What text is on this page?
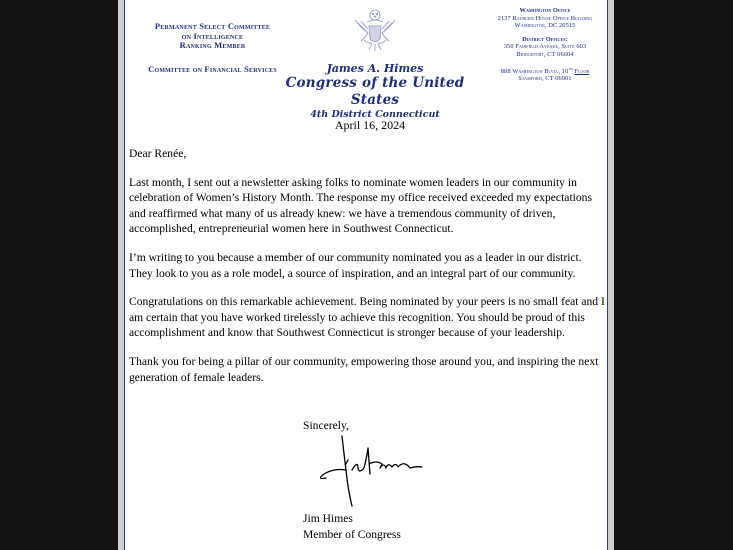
Permanent Select Committee
on Intelligence
Ranking Member
Committee on Financial Services	James A. Himes
Congress of the United States
4th District Connecticut
Washington Office
2137 Rayburn House Office Building
Washington, DC 20515
District Offices:
350 Fairfield Avenue, Suite 603
Bridgeport, CT 06604
888 Washington Blvd., 10th Floor
Stamford, CT 06901
April 16, 2024

Dear Renée,

Last month, I sent out a newsletter asking folks to nominate women leaders in our community in celebration of Women’s History Month. The response my office received exceeded my expectations and reaffirmed what many of us already knew: we have a tremendous community of driven, accomplished, entrepreneurial women here in Southwest Connecticut.

I’m writing to you because a member of our community nominated you as a leader in our district. They look to you as a role model, a source of inspiration, and an integral part of our community.

Congratulations on this remarkable achievement. Being nominated by your peers is no small feat and I am certain that you have worked tirelessly to achieve this recognition. You should be proud of this accomplishment and know that Southwest Connecticut is stronger because of your leadership.

Thank you for being a pillar of our community, empowering those around you, and inspiring the next generation of female leaders.

Sincerely,
Jim Himes
Member of Congress
